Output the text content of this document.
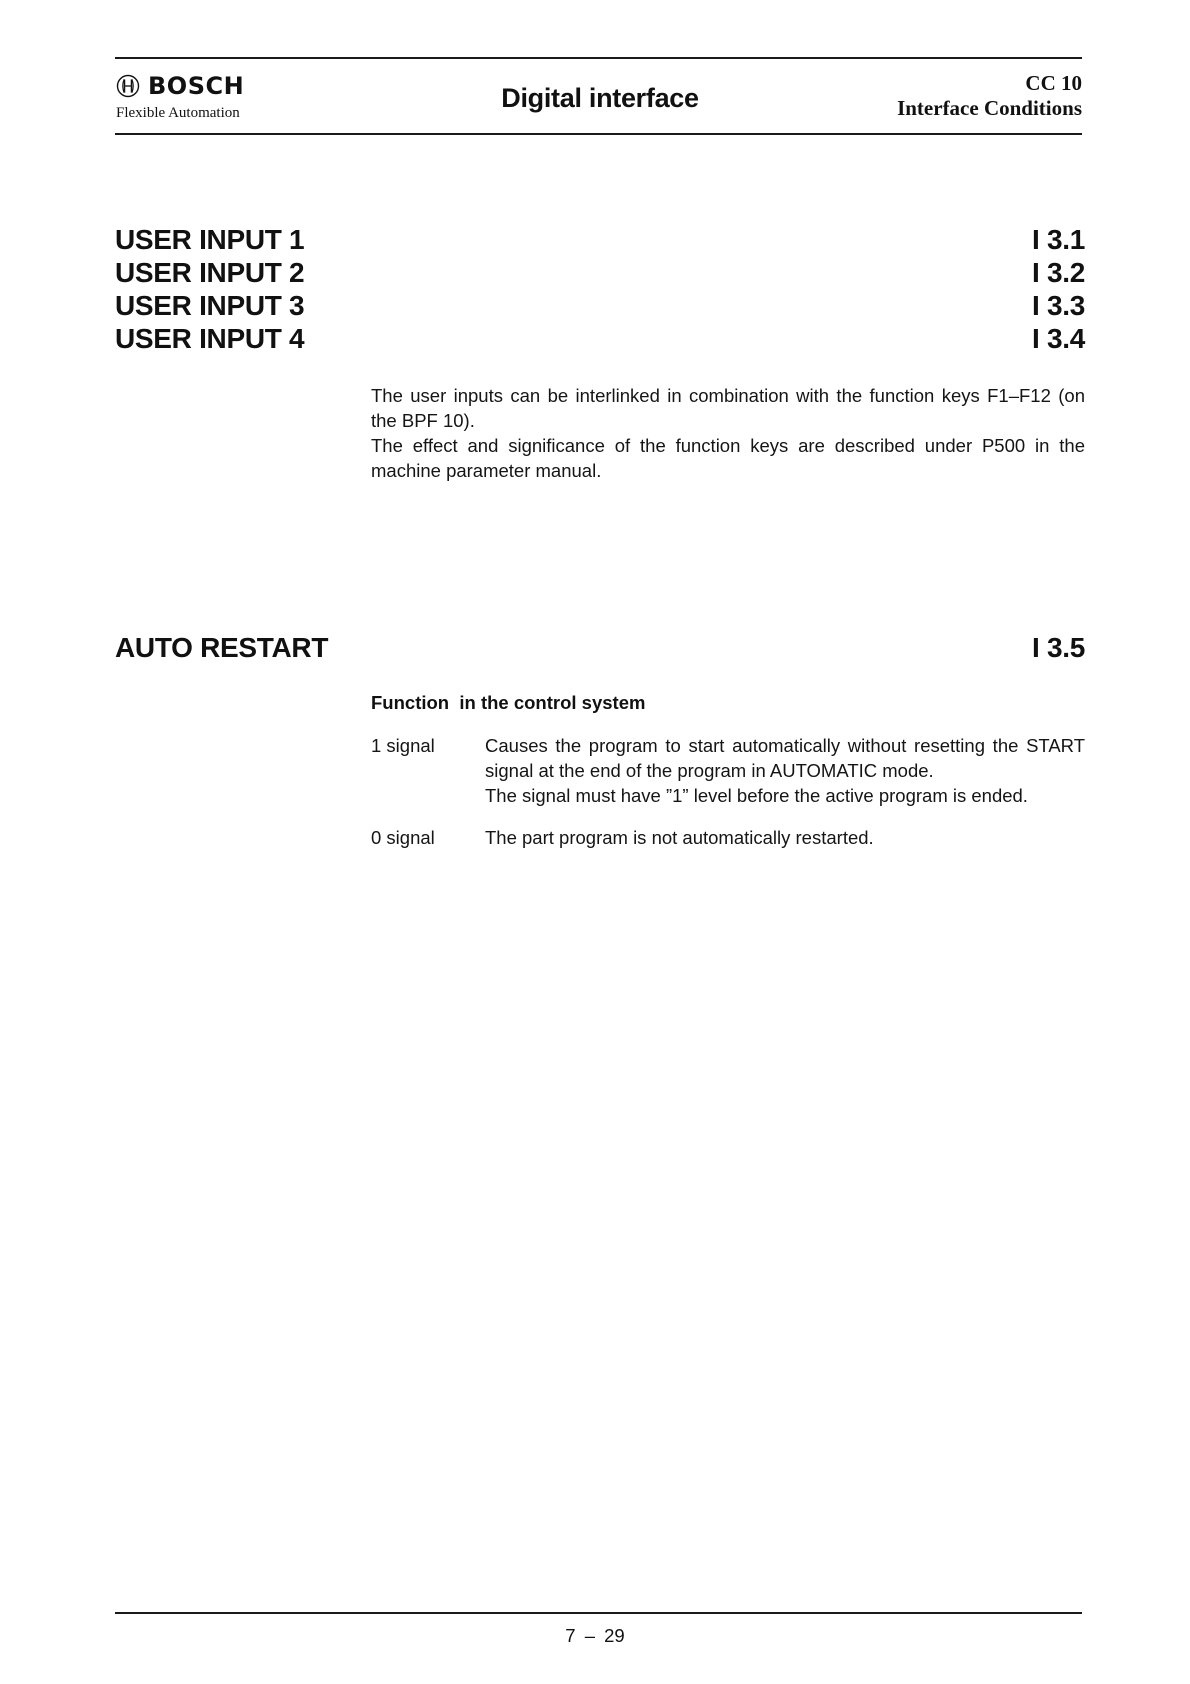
BOSCH
Flexible Automation	Digital interface	CC 10
Interface Conditions
USER INPUT 1	I 3.1
USER INPUT 2	I 3.2
USER INPUT 3	I 3.3
USER INPUT 4	I 3.4

The user inputs can be interlinked in combination with the function keys F1–F12 (on the BPF 10).

The effect and significance of the function keys are described under P500 in the machine parameter manual.

AUTO RESTART	I 3.5
Function  in the control system
1 signal	Causes the program to start automatically without resetting the START signal at the end of the program in AUTOMATIC mode.

The signal must have ”1” level before the active program is ended.

0 signal	The part program is not automatically restarted.

7 – 29
